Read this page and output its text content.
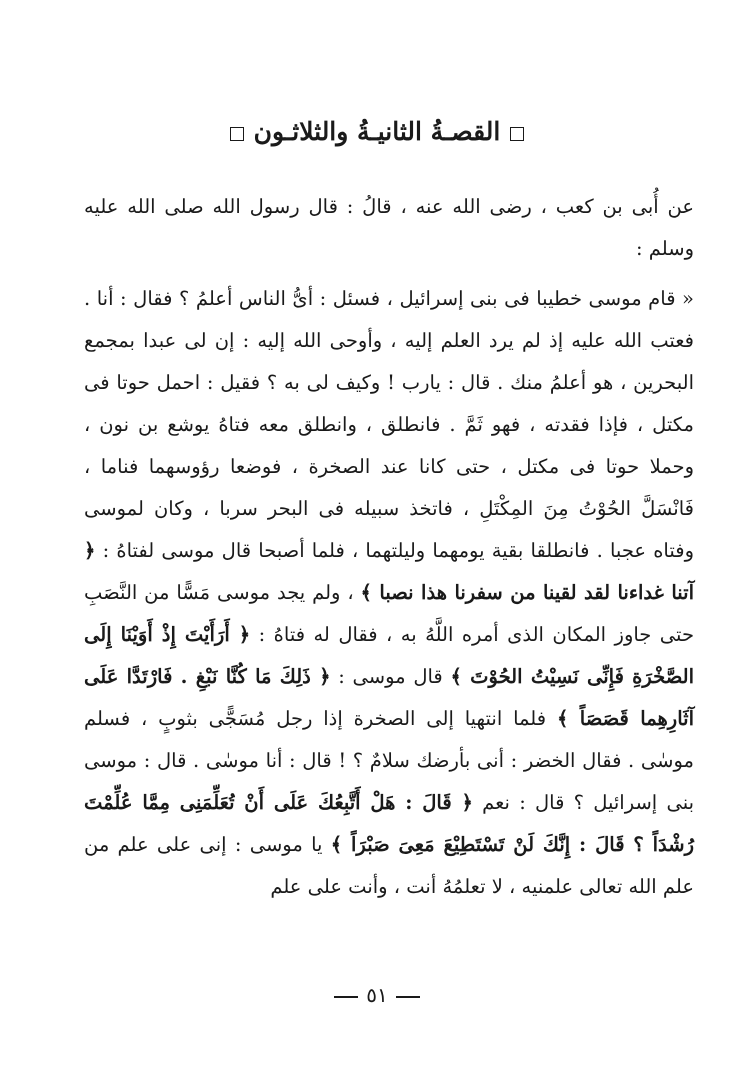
القصـةُ الثانيـةُ والثلاثـون

عن أُبى بن كعب ، رضى الله عنه ، قالُ : قال رسول الله صلى الله عليه وسلم :

« قام موسى خطيبا فى بنى إسرائيل ، فسئل : أىُّ الناس أعلمُ ؟ فقال : أنا . فعتب الله عليه إذ لم يرد العلم إليه ، وأوحى الله إليه : إن لى عبدا بمجمع البحرين ، هو أعلمُ منك . قال : يارب ! وكيف لى به ؟ فقيل : احمل حوتا فى مكتل ، فإذا فقدته ، فهو ثَمَّ . فانطلق ، وانطلق معه فتاهُ يوشع بن نون ، وحملا حوتا فى مكتل ، حتى كانا عند الصخرة ، فوضعا رؤوسهما فناما ، فَانْسَلَّ الحُوْتُ مِنَ المِكْتَلِ ، فاتخذ سبيله فى البحر سربا ، وكان لموسى وفتاه عجبا . فانطلقا بقية يومهما وليلتهما ، فلما أصبحا قال موسى لفتاهُ : ﴿ آتنا غداءنا لقد لقينا من سفرنا هذا نصبا ﴾ ، ولم يجد موسى مَسًّا من النَّصَبِ حتى جاوز المكان الذى أمره اللَّهُ به ، فقال له فتاهُ : ﴿ أَرَأَيْتَ إِذْ أَوَيْنَا إِلَى الصَّخْرَةِ فَإِنِّى نَسِيْتُ الحُوْتَ ﴾ قال موسى : ﴿ ذَلِكَ مَا كُنَّا نَبْغِ . فَارْتَدَّا عَلَى آثَارِهِما قَصَصَاً ﴾ فلما انتهيا إلى الصخرة إذا رجل مُسَجًّى بثوبٍ ، فسلم موسٰى . فقال الخضر : أنى بأرضك سلامٌ ؟ ! قال : أنا موسٰى . قال : موسى بنى إسرائيل ؟ قال : نعم ﴿ قَالَ : هَلْ أَتَّبِعُكَ عَلَى أَنْ تُعَلِّمَنِى مِمَّا عُلِّمْتَ رُشْدَاً ؟ قَالَ : إِنَّكَ لَنْ تَسْتَطِيْعَ مَعِىَ صَبْرَاً ﴾ يا موسى : إنى على علم من علم الله تعالى علمنيه ، لا تعلمُهُ أنت ، وأنت على علم

٥١
